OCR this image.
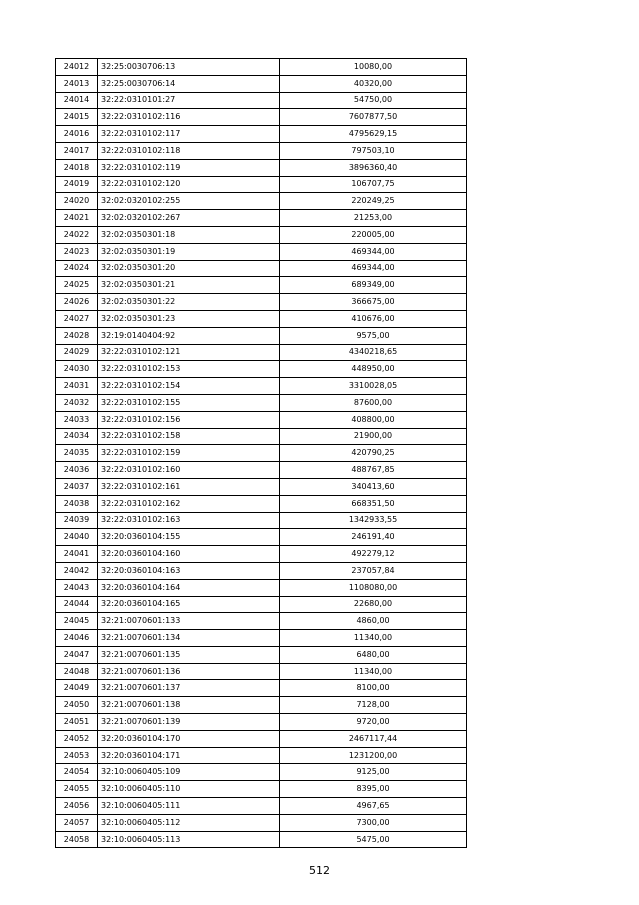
24012	32:25:0030706:13	10080,00
24013	32:25:0030706:14	40320,00
24014	32:22:0310101:27	54750,00
24015	32:22:0310102:116	7607877,50
24016	32:22:0310102:117	4795629,15
24017	32:22:0310102:118	797503,10
24018	32:22:0310102:119	3896360,40
24019	32:22:0310102:120	106707,75
24020	32:02:0320102:255	220249,25
24021	32:02:0320102:267	21253,00
24022	32:02:0350301:18	220005,00
24023	32:02:0350301:19	469344,00
24024	32:02:0350301:20	469344,00
24025	32:02:0350301:21	689349,00
24026	32:02:0350301:22	366675,00
24027	32:02:0350301:23	410676,00
24028	32:19:0140404:92	9575,00
24029	32:22:0310102:121	4340218,65
24030	32:22:0310102:153	448950,00
24031	32:22:0310102:154	3310028,05
24032	32:22:0310102:155	87600,00
24033	32:22:0310102:156	408800,00
24034	32:22:0310102:158	21900,00
24035	32:22:0310102:159	420790,25
24036	32:22:0310102:160	488767,85
24037	32:22:0310102:161	340413,60
24038	32:22:0310102:162	668351,50
24039	32:22:0310102:163	1342933,55
24040	32:20:0360104:155	246191,40
24041	32:20:0360104:160	492279,12
24042	32:20:0360104:163	237057,84
24043	32:20:0360104:164	1108080,00
24044	32:20:0360104:165	22680,00
24045	32:21:0070601:133	4860,00
24046	32:21:0070601:134	11340,00
24047	32:21:0070601:135	6480,00
24048	32:21:0070601:136	11340,00
24049	32:21:0070601:137	8100,00
24050	32:21:0070601:138	7128,00
24051	32:21:0070601:139	9720,00
24052	32:20:0360104:170	2467117,44
24053	32:20:0360104:171	1231200,00
24054	32:10:0060405:109	9125,00
24055	32:10:0060405:110	8395,00
24056	32:10:0060405:111	4967,65
24057	32:10:0060405:112	7300,00
24058	32:10:0060405:113	5475,00
512
